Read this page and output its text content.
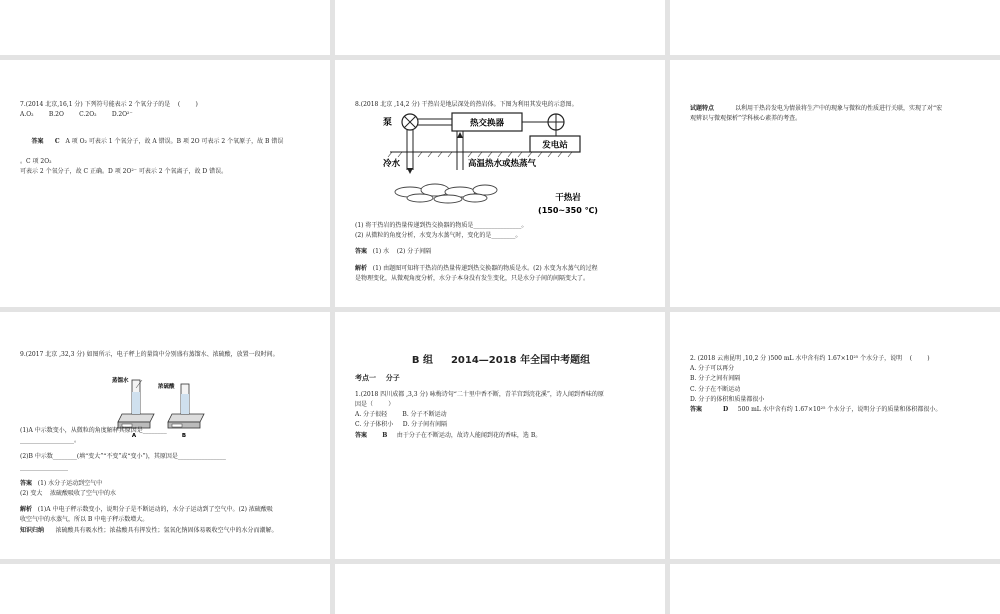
7.(2014 北京,16,1 分) 下列符号能表示 2 个氧分子的是    (        )

A.O₂        B.2O        C.2O₂        D.2O²⁻

答案 C A 项 O₂ 可表示 1 个氧分子，故 A 错误。B 项 2O 可表示 2 个氧原子，故 B 错误

。C 项 2O₂

可表示 2 个氧分子，故 C 正确。D 项 2O²⁻ 可表示 2 个氧离子，故 D 错误。

8.(2018 北京 ,14,2 分) 干热岩是地层深处的热岩体。下图为利用其发电的示意图。

泵	热交换器
发电站
冷水	高温热水或热蒸气
干热岩
(150~350 ℃)

(1) 将干热岩的热量传递到热交换器的物质是________________。

(2) 从微粒的角度分析，水变为水蒸气时，变化的是________。

答案 (1) 水    (2) 分子间隔

解析 (1) 由题图可知将干热岩的热量传递到热交换器的物质是水。(2) 水变为水蒸气的过程

是物理变化，从微观角度分析，水分子本身没有发生变化，只是水分子间的间隔变大了。

试题特点	以利用干热岩发电为情景将生产中的现象与微粒的性质进行关联，实现了对“宏

观辨识与微观探析”学科核心素养的考查。

9.(2017 北京 ,32,3 分) 如图所示，电子秤上的量筒中分别盛有蒸馏水、浓硫酸，放置一段时间。

蒸馏水
浓硫酸
A	B

(1)A 中示数变小，从微粒的角度解释其原因是________

__________________。

(2)B 中示数________(填“变大”“不变”或“变小”)，其原因是________________

________________

答案 (1) 水分子运动到空气中

(2) 变大    浓硫酸吸收了空气中的水

解析 (1)A 中电子秤示数变小，说明分子是不断运动的，水分子运动到了空气中。(2) 浓硫酸吸

收空气中的水蒸气，所以 B 中电子秤示数增大。

知识归纳 浓硫酸具有吸水性；浓盐酸具有挥发性；氢氧化钠固体易吸收空气中的水分而潮解。

B 组 2014—2018 年全国中考题组

考点一    分子

1.(2018 四川成都 ,3,3 分) 咏梅诗句“二十里中香不断，青羊宫到浣花溪”，诗人闻到香味的原

因是（        ）

A. 分子很轻	B. 分子不断运动

C. 分子体积小 D. 分子间有间隔

答案	B 由于分子在不断运动，故诗人能闻到花的香味，选 B。

2. (2018 云南昆明 ,10,2 分 )500 mL 水中含有约 1.67×10²⁵ 个水分子，说明    (        )

A. 分子可以再分

B. 分子之间有间隔

C. 分子在不断运动

D. 分子的体积和质量都很小

答案	D 500 mL 水中含有约 1.67×10²⁵ 个水分子，说明分子的质量和体积都很小。
